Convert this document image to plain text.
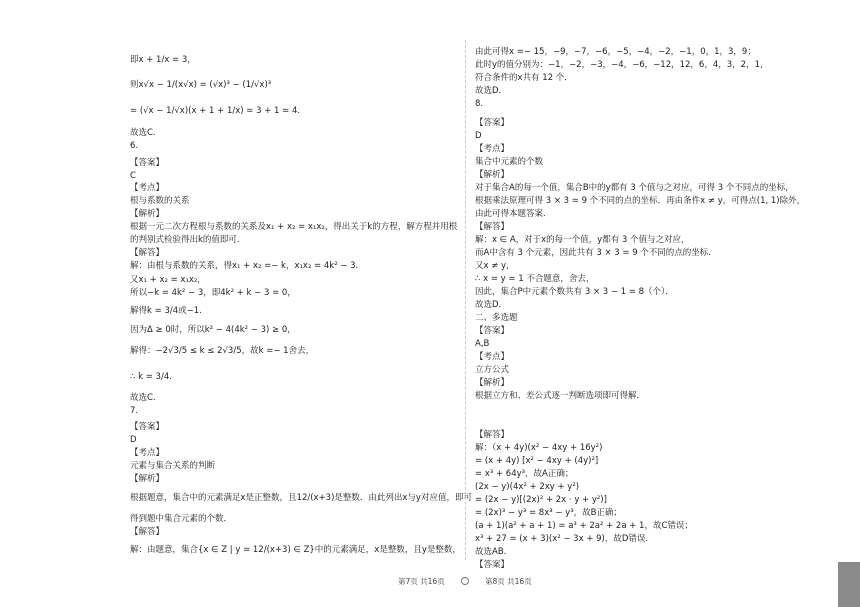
即x + 1/x = 3，
则x√x − 1/(x√x) = (√x)³ − (1/√x)³
= (√x − 1/√x)(x + 1 + 1/x) = 3 + 1 = 4.
故选C.
6.
【答案】
C
【考点】
根与系数的关系
【解析】
根据一元二次方程根与系数的关系及x₁ + x₂ = x₁x₂，得出关于k的方程，解方程并用根
的判别式检验得出k的值即可.
【解答】
解：由根与系数的关系，得x₁ + x₂ =− k，x₁x₂ = 4k² − 3.
又x₁ + x₂ = x₁x₂，
所以−k = 4k² − 3，即4k² + k − 3 = 0，
解得k = 3/4或−1.
因为Δ ≥ 0时，所以k² − 4(4k² − 3) ≥ 0，
解得：−2√3/5 ≤ k ≤ 2√3/5，故k =− 1舍去，
∴ k = 3/4.
故选C.
7.
【答案】
D
【考点】
元素与集合关系的判断
【解析】
根据题意，集合中的元素满足x是正整数，且12/(x+3)是整数．由此列出x与y对应值，即可
得到题中集合元素的个数．
【解答】
解：由题意，集合{x ∈ Z | y = 12/(x+3) ∈ Z}中的元素满足，x是整数，且y是整数，
由此可得x =− 15，−9，−7，−6，−5，−4，−2，−1，0，1，3，9；
此时y的值分别为：−1，−2，−3，−4，−6，−12，12，6，4，3，2，1，
符合条件的x共有 12 个．
故选D．
8.
【答案】
D
【考点】
集合中元素的个数
【解析】
对于集合A的每一个值，集合B中的y都有 3 个值与之对应，可得 3 个不同点的坐标，
根据乘法原理可得 3 × 3 = 9 个不同的点的坐标．再由条件x ≠ y，可得点(1, 1)除外，
由此可得本题答案．
【解答】
解：x ∈ A，对于x的每一个值，y都有 3 个值与之对应，
而A中含有 3 个元素，因此共有 3 × 3 = 9 个不同的点的坐标．
又x ≠ y，
∴ x = y = 1 不合题意，舍去，
因此，集合P中元素个数共有 3 × 3 − 1 = 8（个）．
故选D．
二、多选题
【答案】
A,B
【考点】
立方公式
【解析】
根据立方和、差公式逐一判断选项即可得解．
【解答】
解：（x + 4y)(x² − 4xy + 16y²)
= (x + 4y) [x² − 4xy + (4y)²]
= x³ + 64y³，故A正确；
(2x − y)(4x² + 2xy + y²)
= (2x − y)[(2x)² + 2x · y + y²)]
= (2x)³ − y³ = 8x³ − y³，故B正确；
(a + 1)(a² + a + 1) = a³ + 2a² + 2a + 1，故C错误；
x³ + 27 = (x + 3)(x² − 3x + 9)，故D错误.
故选AB.
【答案】
第7页 共16页	第8页 共16页
